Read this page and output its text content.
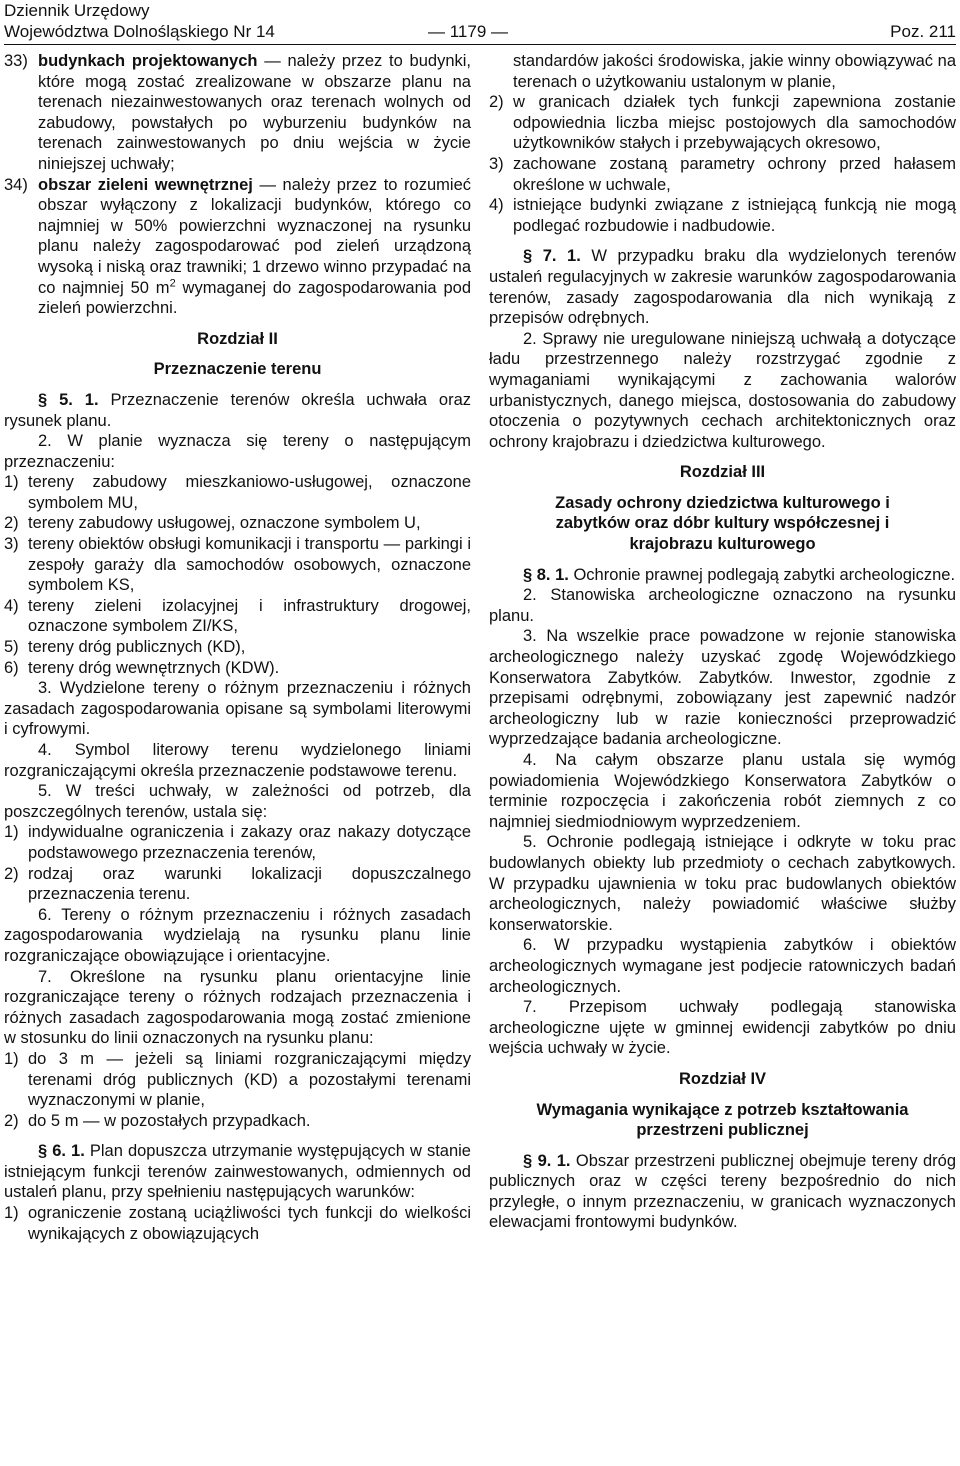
Dziennik Urzędowy
Województwa Dolnośląskiego Nr 14	Poz. 211
— 1179 —
33) budynkach projektowanych — należy przez to budynki, które mogą zostać zrealizowane w obszarze planu na terenach niezainwestowanych oraz terenach wolnych od zabudowy, powstałych po wyburzeniu budynków na terenach zainwestowanych po dniu wejścia w życie niniejszej uchwały;
34) obszar zieleni wewnętrznej — należy przez to rozumieć obszar wyłączony z lokalizacji budynków, którego co najmniej w 50% powierzchni wyznaczonej na rysunku planu należy zagospodarować pod zieleń urządzoną wysoką i niską oraz trawniki; 1 drzewo winno przypadać na co najmniej 50 $m^2$ wymaganej do zagospodarowania pod zieleń powierzchni.

Rozdział II

Przeznaczenie terenu

§ 5. 1. Przeznaczenie terenów określa uchwała oraz rysunek planu.

2. W planie wyznacza się tereny o następującym przeznaczeniu:

1) tereny zabudowy mieszkaniowo-usługowej, oznaczone symbolem MU,
2) tereny zabudowy usługowej, oznaczone symbolem U,
3) tereny obiektów obsługi komunikacji i transportu — parkingi i zespoły garaży dla samochodów osobowych, oznaczone symbolem KS,
4) tereny zieleni izolacyjnej i infrastruktury drogowej, oznaczone symbolem ZI/KS,
5) tereny dróg publicznych (KD),
6) tereny dróg wewnętrznych (KDW).

3. Wydzielone tereny o różnym przeznaczeniu i różnych zasadach zagospodarowania opisane są symbolami literowymi i cyfrowymi.

4. Symbol literowy terenu wydzielonego liniami rozgraniczającymi określa przeznaczenie podstawowe terenu.

5. W treści uchwały, w zależności od potrzeb, dla poszczególnych terenów, ustala się:

1) indywidualne ograniczenia i zakazy oraz nakazy dotyczące podstawowego przeznaczenia terenów,
2) rodzaj oraz warunki lokalizacji dopuszczalnego przeznaczenia terenu.

6. Tereny o różnym przeznaczeniu i różnych zasadach zagospodarowania wydzielają na rysunku planu linie rozgraniczające obowiązujące i orientacyjne.

7. Określone na rysunku planu orientacyjne linie rozgraniczające tereny o różnych rodzajach przeznaczenia i różnych zasadach zagospodarowania mogą zostać zmienione w stosunku do linii oznaczonych na rysunku planu:

1) do 3 m — jeżeli są liniami rozgraniczającymi między terenami dróg publicznych (KD) a pozostałymi terenami wyznaczonymi w planie,
2) do 5 m — w pozostałych przypadkach.

§ 6. 1. Plan dopuszcza utrzymanie występujących w stanie istniejącym funkcji terenów zainwestowanych, odmiennych od ustaleń planu, przy spełnieniu następujących warunków:

1) ograniczenie zostaną uciążliwości tych funkcji do wielkości wynikających z obowiązujących
standardów jakości środowiska, jakie winny obowiązywać na terenach o użytkowaniu ustalonym w planie,
2) w granicach działek tych funkcji zapewniona zostanie odpowiednia liczba miejsc postojowych dla samochodów użytkowników stałych i przebywających okresowo,
3) zachowane zostaną parametry ochrony przed hałasem określone w uchwale,
4) istniejące budynki związane z istniejącą funkcją nie mogą podlegać rozbudowie i nadbudowie.

§ 7. 1. W przypadku braku dla wydzielonych terenów ustaleń regulacyjnych w zakresie warunków zagospodarowania terenów, zasady zagospodarowania dla nich wynikają z przepisów odrębnych.

2. Sprawy nie uregulowane niniejszą uchwałą a dotyczące ładu przestrzennego należy rozstrzygać zgodnie z wymaganiami wynikającymi z zachowania walorów urbanistycznych, danego miejsca, dostosowania do zabudowy otoczenia o pozytywnych cechach architektonicznych oraz ochrony krajobrazu i dziedzictwa kulturowego.

Rozdział III

Zasady ochrony dziedzictwa kulturowego i zabytków oraz dóbr kultury współczesnej i krajobrazu kulturowego

§ 8. 1. Ochronie prawnej podlegają zabytki archeologiczne.

2. Stanowiska archeologiczne oznaczono na rysunku planu.

3. Na wszelkie prace powadzone w rejonie stanowiska archeologicznego należy uzyskać zgodę Wojewódzkiego Konserwatora Zabytków. Zabytków. Inwestor, zgodnie z przepisami odrębnymi, zobowiązany jest zapewnić nadzór archeologiczny lub w razie konieczności przeprowadzić wyprzedzające badania archeologiczne.

4. Na całym obszarze planu ustala się wymóg powiadomienia Wojewódzkiego Konserwatora Zabytków o terminie rozpoczęcia i zakończenia robót ziemnych z co najmniej siedmiodniowym wyprzedzeniem.

5. Ochronie podlegają istniejące i odkryte w toku prac budowlanych obiekty lub przedmioty o cechach zabytkowych. W przypadku ujawnienia w toku prac budowlanych obiektów archeologicznych, należy powiadomić właściwe służby konserwatorskie.

6. W przypadku wystąpienia zabytków i obiektów archeologicznych wymagane jest podjecie ratowniczych badań archeologicznych.

7. Przepisom uchwały podlegają stanowiska archeologiczne ujęte w gminnej ewidencji zabytków po dniu wejścia uchwały w życie.

Rozdział IV

Wymagania wynikające z potrzeb kształtowania przestrzeni publicznej

§ 9. 1. Obszar przestrzeni publicznej obejmuje tereny dróg publicznych oraz w części tereny bezpośrednio do nich przyległe, o innym przeznaczeniu, w granicach wyznaczonych elewacjami frontowymi budynków.
